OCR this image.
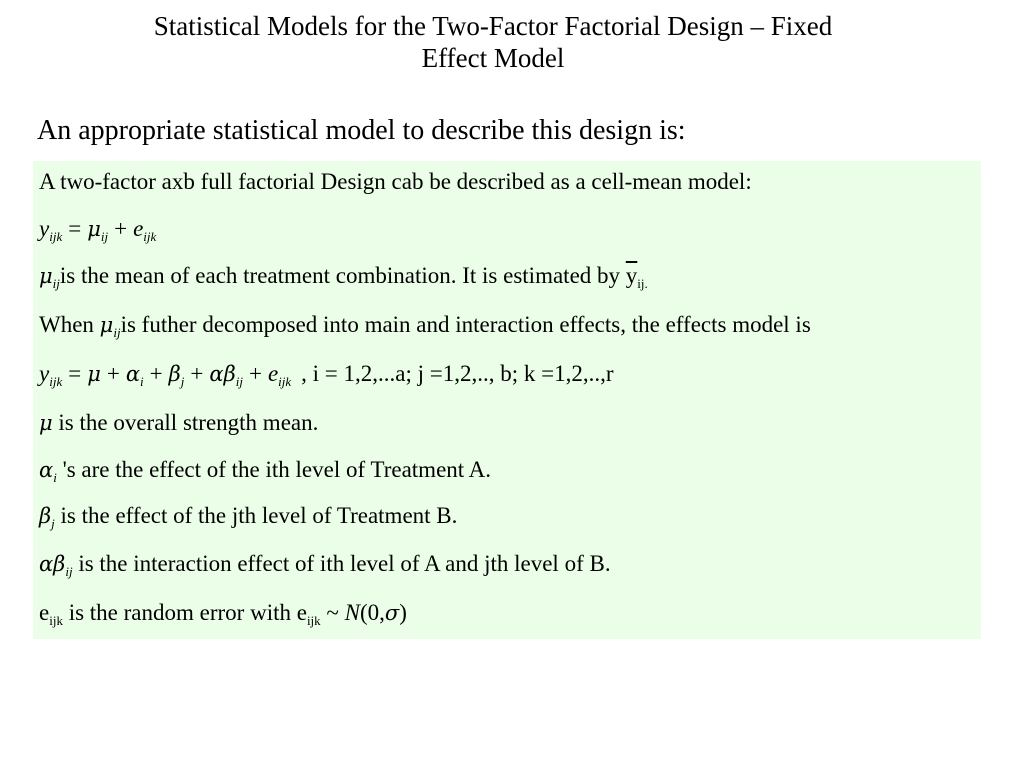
Statistical Models for the Two-Factor Factorial Design – Fixed
Effect Model
An appropriate statistical model to describe this design is:
A two-factor axb full factorial Design cab be described as a cell-mean model:
$y_{ijk} = \mu_{ij} + e_{ijk}$
$\mu_{ij}is$ the mean of each treatment combination. It is estimated by $\overline{y}_{ij.}$
When $\mu_{ij}is$ futher decomposed into main and interaction effects, the effects model is
$y_{ijk} = \mu + \alpha_i + \beta_j + \alpha\beta_{ij} + e_{ijk}$ , i = 1,2,...a; j =1,2,.., b; k =1,2,..,r
μ is the overall strength mean.
$\alpha_i$ 's are the effect of the ith level of Treatment A.
$\beta_j$ is the effect of the jth level of Treatment B.
$\alpha\beta_{ij}$ is the interaction effect of ith level of A and jth level of B.
$e_{ijk}$ is the random error with $e_{ijk}$ ~ N(0,σ)
